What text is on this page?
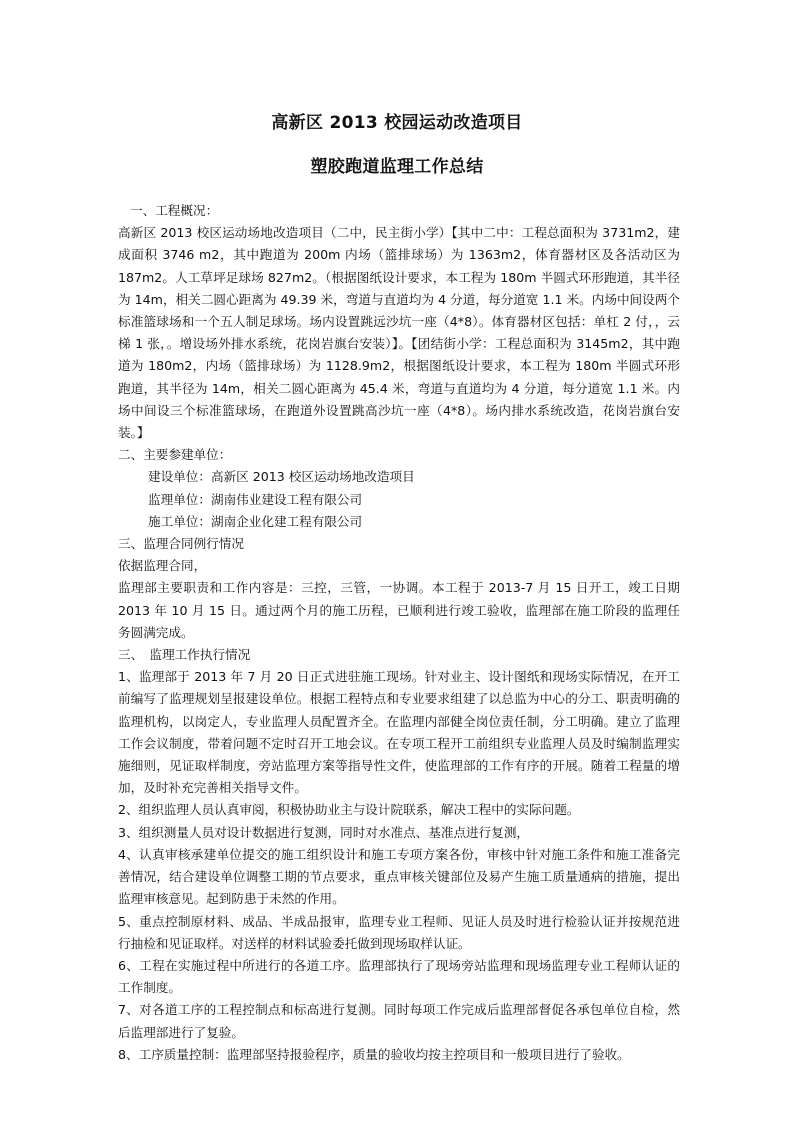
高新区 2013 校园运动改造项目
塑胶跑道监理工作总结

一、工程概况：

高新区 2013 校区运动场地改造项目（二中，民主街小学）【其中二中：工程总面积为 3731m2，建成面积 3746 m2，其中跑道为 200m 内场（篮排球场）为 1363m2，体育器材区及各活动区为 187m2。人工草坪足球场 827m2。（根据图纸设计要求，本工程为 180m 半圆式环形跑道，其半径为 14m，相关二圆心距离为 49.39 米，弯道与直道均为 4 分道，每分道宽 1.1 米。内场中间设两个标准篮球场和一个五人制足球场。场内设置跳远沙坑一座（4*8）。体育器材区包括：单杠 2 付，，云梯 1 张，。增设场外排水系统，花岗岩旗台安装）】。【团结街小学：工程总面积为 3145m2，其中跑道为 180m2，内场（篮排球场）为 1128.9m2，根据图纸设计要求，本工程为 180m 半圆式环形跑道，其半径为 14m，相关二圆心距离为 45.4 米，弯道与直道均为 4 分道，每分道宽 1.1 米。内场中间设三个标准篮球场，在跑道外设置跳高沙坑一座（4*8）。场内排水系统改造，花岗岩旗台安装。】

二、主要参建单位：

建设单位：高新区 2013 校区运动场地改造项目

监理单位：湖南伟业建设工程有限公司

施工单位：湖南企业化建工程有限公司

三、监理合同例行情况

依据监理合同，

监理部主要职责和工作内容是：三控，三管，一协调。本工程于 2013-7 月 15 日开工，竣工日期 2013 年 10 月 15 日。通过两个月的施工历程，已顺利进行竣工验收，监理部在施工阶段的监理任务圆满完成。

三、　监理工作执行情况

1、监理部于 2013 年 7 月 20 日正式进驻施工现场。针对业主、设计图纸和现场实际情况，在开工前编写了监理规划呈报建设单位。根据工程特点和专业要求组建了以总监为中心的分工、职责明确的监理机构，以岗定人，专业监理人员配置齐全。在监理内部健全岗位责任制，分工明确。建立了监理工作会议制度，带着问题不定时召开工地会议。在专项工程开工前组织专业监理人员及时编制监理实施细则，见证取样制度，旁站监理方案等指导性文件，使监理部的工作有序的开展。随着工程量的增加，及时补充完善相关指导文件。

2、组织监理人员认真审阅，积极协助业主与设计院联系，解决工程中的实际问题。

3、组织测量人员对设计数据进行复测，同时对水准点、基准点进行复测，

4、认真审核承建单位提交的施工组织设计和施工专项方案各份，审核中针对施工条件和施工准备完善情况，结合建设单位调整工期的节点要求，重点审核关键部位及易产生施工质量通病的措施，提出监理审核意见。起到防患于未然的作用。

5、重点控制原材料、成品、半成品报审，监理专业工程师、见证人员及时进行检验认证并按规范进行抽检和见证取样。对送样的材料试验委托做到现场取样认证。

6、工程在实施过程中所进行的各道工序。监理部执行了现场旁站监理和现场监理专业工程师认证的工作制度。

7、对各道工序的工程控制点和标高进行复测。同时每项工作完成后监理部督促各承包单位自检，然后监理部进行了复验。

8、工序质量控制：监理部坚持报验程序，质量的验收均按主控项目和一般项目进行了验收。
